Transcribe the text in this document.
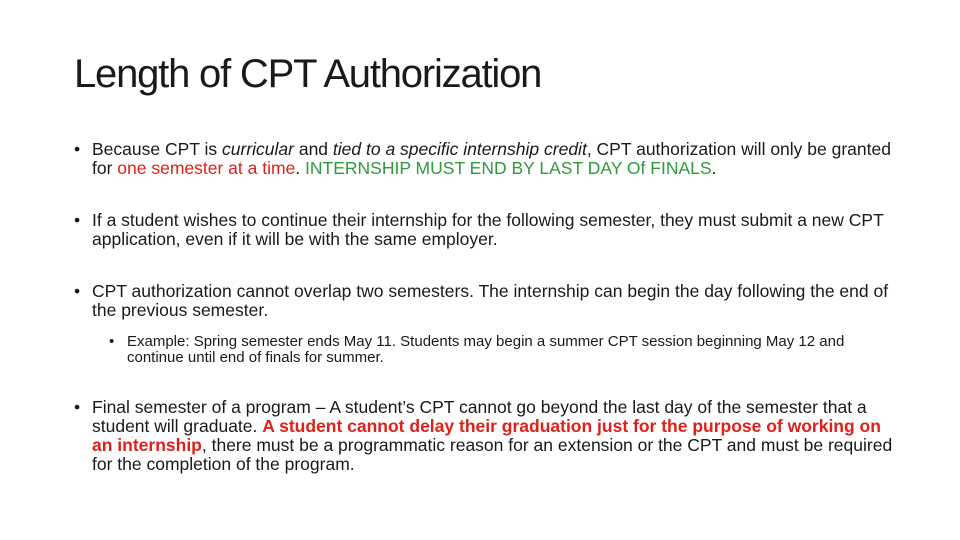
Length of CPT Authorization
• Because CPT is curricular and tied to a specific internship credit, CPT authorization will only be granted for one semester at a time. INTERNSHIP MUST END BY LAST DAY Of FINALS.
• If a student wishes to continue their internship for the following semester, they must submit a new CPT application, even if it will be with the same employer.
• CPT authorization cannot overlap two semesters. The internship can begin the day following the end of the previous semester.
• Example: Spring semester ends May 11. Students may begin a summer CPT session beginning May 12 and continue until end of finals for summer.
• Final semester of a program – A student’s CPT cannot go beyond the last day of the semester that a student will graduate. A student cannot delay their graduation just for the purpose of working on an internship, there must be a programmatic reason for an extension or the CPT and must be required for the completion of the program.
